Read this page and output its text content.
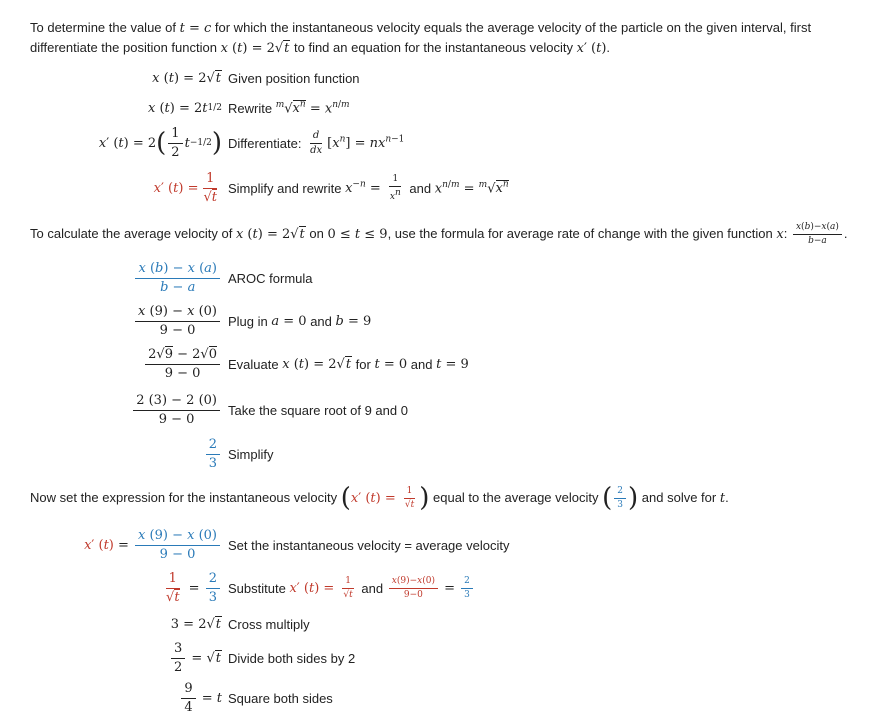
To determine the value of t = c for which the instantaneous velocity equals the average velocity of the particle on the given interval, first differentiate the position function x (t) = 2√t to find an equation for the instantaneous velocity x′ (t).
x ( t ) = 2 √t Given position function
x ( t ) = 2 t 1/2 Rewrite
$^m√x^n = x^{n/m}$
x ′ ( t ) = 2 ( $\frac{1}{2}$ t −1/2 ) Differentiate:
$\frac{d}{dx} [x^n] = nx^{n-1}$
x ′ ( t ) = $\frac{1}{√t}$ Simplify and rewrite
$x^{-n} = \frac{1}{x^n}$
and
$x^{n/m} = ^m√x^n$
To calculate the average velocity of x (t) = 2√t on 0 ≤ t ≤ 9, use the formula for average rate of change with the given function x: $\frac{x(b)-x(a)}{b-a}$ .
$\frac{x (b) - x (a)}{b - a}$ AROC formula
$\frac{x (9) - x (0)}{9 - 0}$ Plug in
a = 0
and
b = 9
$\frac{2√9 - 2√0}{9 - 0}$ Evaluate
x (t) = 2√t
for
t = 0
and
t = 9
$\frac{2 (3) - 2 (0)}{9 - 0}$ Take the square root of 9 and 0
$\frac{2}{3}$ Simplify
Now set the expression for the instantaneous velocity (x′ $(t) = \frac{1}{√t}$ ) equal to the average velocity ( $\frac{2}{3}$ ) and solve for t.
x′ $(t) = \frac{x (9) - x (0)}{9 - 0}$ Set the instantaneous velocity = average velocity
$\frac{1}{√t} = \frac{2}{3}$ Substitute
x′ $(t) = \frac{1}{√t}$
and
$\frac{x(9)-x(0)}{9-0} = \frac{2}{3}$
3 = 2 √t Cross multiply
$\frac{3}{2} = √t$ Divide both sides by 2
$\frac{9}{4} = t$ Square both sides
